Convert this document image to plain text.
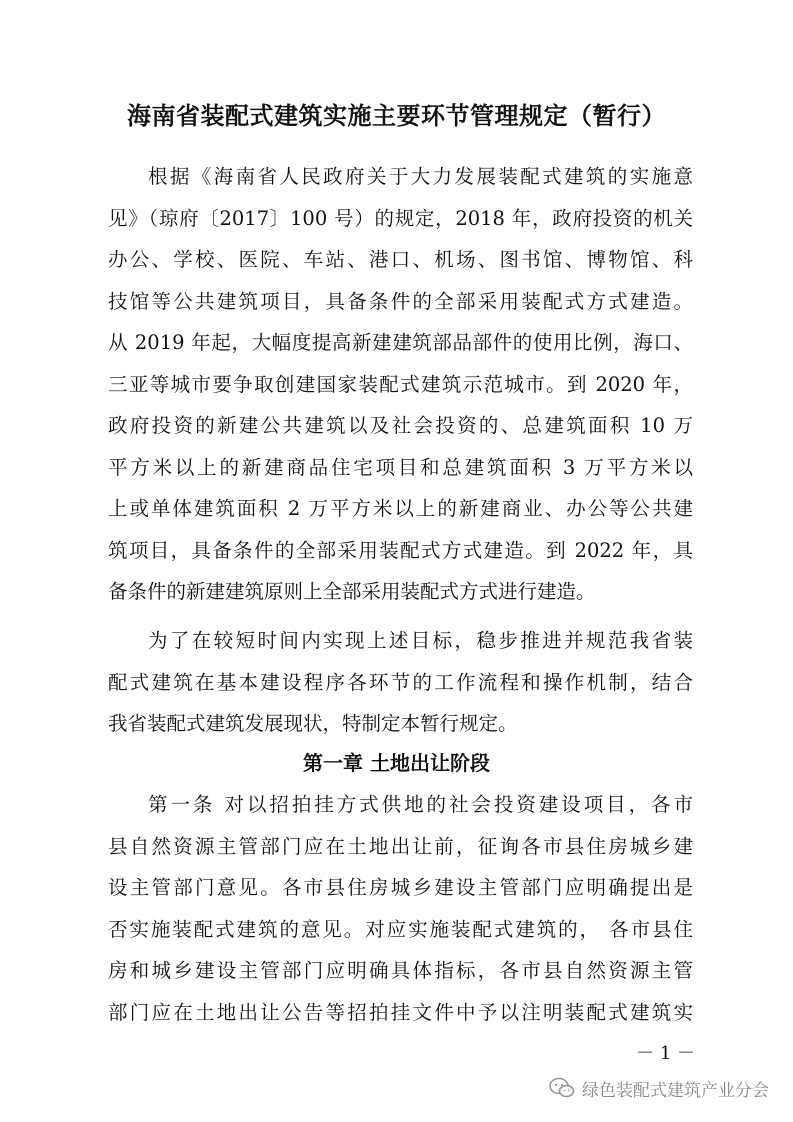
海南省装配式建筑实施主要环节管理规定（暂行）
根据《海南省人民政府关于大力发展装配式建筑的实施意
见》（琼府〔2017〕100 号）的规定，2018 年，政府投资的机关
办公、学校、医院、车站、港口、机场、图书馆、博物馆、科
技馆等公共建筑项目，具备条件的全部采用装配式方式建造。
从 2019 年起，大幅度提高新建建筑部品部件的使用比例，海口、
三亚等城市要争取创建国家装配式建筑示范城市。到 2020 年，
政府投资的新建公共建筑以及社会投资的、总建筑面积 10 万
平方米以上的新建商品住宅项目和总建筑面积 3 万平方米以
上或单体建筑面积 2 万平方米以上的新建商业、办公等公共建
筑项目，具备条件的全部采用装配式方式建造。到 2022 年，具
备条件的新建建筑原则上全部采用装配式方式进行建造。
为了在较短时间内实现上述目标，稳步推进并规范我省装
配式建筑在基本建设程序各环节的工作流程和操作机制，结合
我省装配式建筑发展现状，特制定本暂行规定。
第一章 土地出让阶段
第一条 对以招拍挂方式供地的社会投资建设项目，各市
县自然资源主管部门应在土地出让前，征询各市县住房城乡建
设主管部门意见。各市县住房城乡建设主管部门应明确提出是
否实施装配式建筑的意见。对应实施装配式建筑的， 各市县住
房和城乡建设主管部门应明确具体指标，各市县自然资源主管
部门应在土地出让公告等招拍挂文件中予以注明装配式建筑实
－ 1 －
绿色装配式建筑产业分会
